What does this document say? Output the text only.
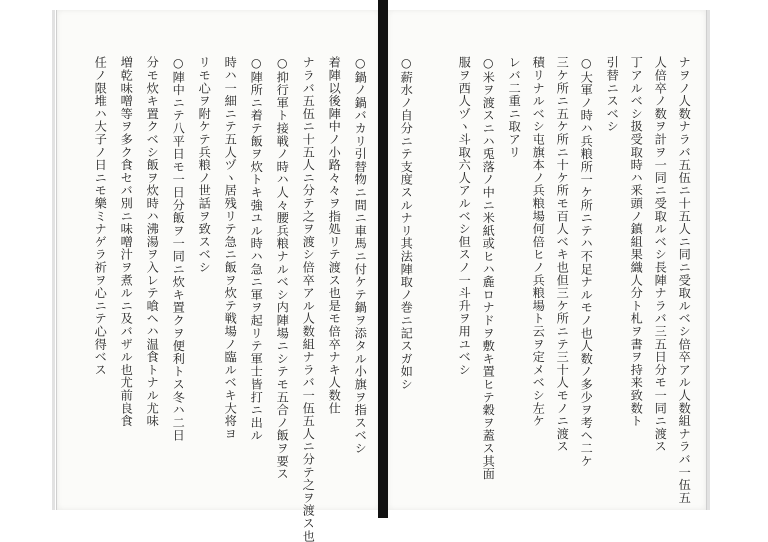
○鍋ノ鍋バカリ引替物ニ間ニ車馬ニ付ケテ鍋ヲ添タル小旗ヲ指スベシ
着陣以後陣中ノ小路々々ヲ指処リテ渡ス也是モ倍卒ナキ人数仕
ナラバ五伍ニ十五人ニ分テ之ヲ渡シ倍卒アル人数組ナラバ一伍五人ニ分テ之ヲ渡ス也
○抑行軍ト接戦ノ時ハ人々腰兵粮ナルベシ内陣場ニシテモ五合ノ飯ヲ要ス
○陣所ニ着テ飯ヲ炊トキ強ユル時ハ急ニ軍ヲ起リテ軍士皆打ニ出ル
時ハ一細ニテ五人ヅヽ居残リテ急ニ飯ヲ炊テ戦場ノ臨ルベキ大将ヨ
リモ心ヲ附ケテ兵粮ノ世話ヲ致スベシ
○陣中ニテ八平日モ一日分飯ヲ一同ニ炊キ置クヲ便利トス冬ハ二日
分モ炊キ置クベシ飯ヲ炊時ハ沸湯ヲ入レテ喰ヘハ温食トナル尤味
増乾味噌等ヲ多ク食セバ別ニ味噌汁ヲ煮ルニ及バザル也尤前良食
任ノ限堆ハ大子ノ日ニモ樂ミナゲラ祈ヲ心ニテ心得ベス	ナヲノ人数ナラバ五伍ニ十五人ニ同ニ受取ルベシ倍卒アル人数組ナラバ一伍五
人倍卒ノ数ヲ計ヲ一同ニ受取ルベシ長陣ナラバ三五日分モ一同ニ渡ス
丁アルベシ扱受取時ハ釆頭ノ鎮組果織人分ト札ヲ書ヲ持来致数ト
引替ニスベシ
○大軍ノ時ハ兵粮所一ケ所ニテハ不足ナルモノ也人数ノ多少ヲ考ヘ二ケ
三ケ所ニ五ケ所ニ十ケ所モ百人ベキ也但三ケ所ニテ三十人モノニ渡ス
積リナルベシ屯旗本ノ兵粮場何倍ヒノ兵粮場ト云ヲ定メベシ左ケ
レバ二重ニ取アリ
○米ヲ渡スニハ兎落ノ中ニ米紙或ヒハ麁ロナドヲ敷キ置ヒテ穀ヲ蓋ス其面
服ヲ西人ヅヽ斗取六人アルベシ但スノ一斗升ヲ用ユベシ
○薪水ノ自分ニテ支度スルナリ其法陣取ノ巻ニ記スガ如シ
